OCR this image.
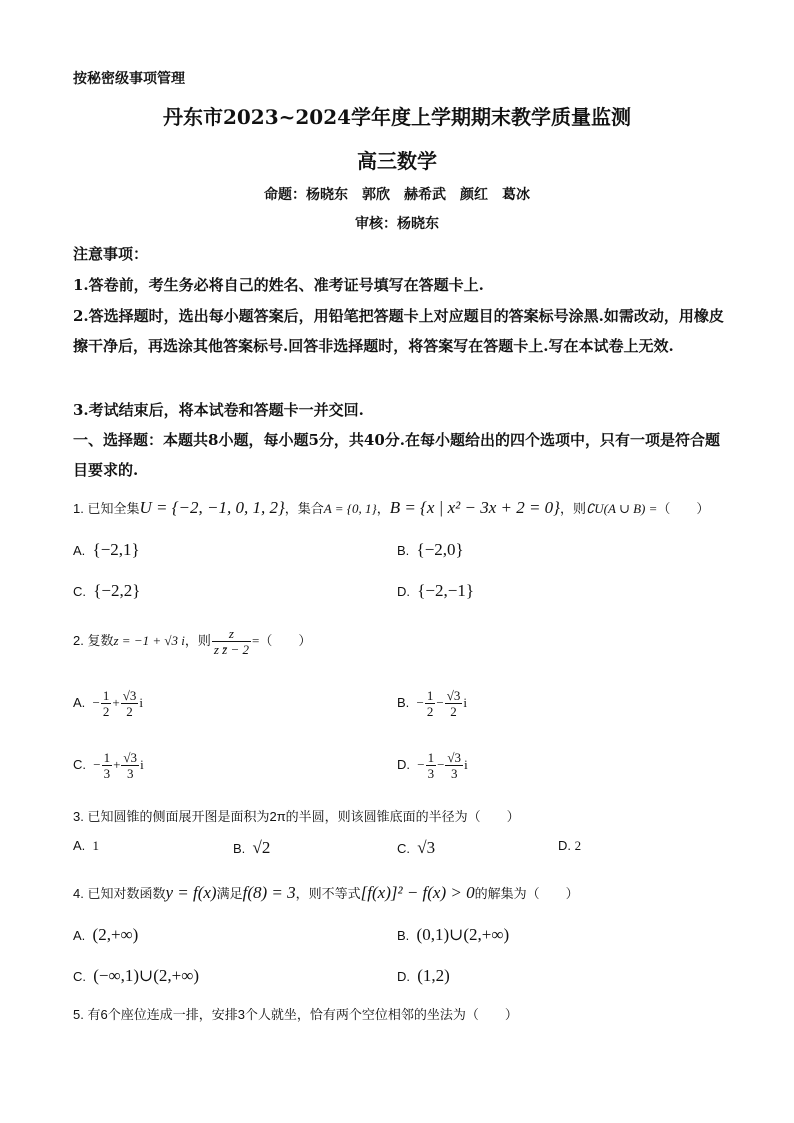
按秘密级事项管理
丹东市2023~2024学年度上学期期末教学质量监测
高三数学
命题：杨晓东　郭欣　赫希武　颜红　葛冰
审核：杨晓东
注意事项：
1.答卷前，考生务必将自己的姓名、准考证号填写在答题卡上.
2.答选择题时，选出每小题答案后，用铅笔把答题卡上对应题目的答案标号涂黑.如需改动，用橡皮擦干净后，再选涂其他答案标号.回答非选择题时，将答案写在答题卡上.写在本试卷上无效.
3.考试结束后，将本试卷和答题卡一并交回.
一、选择题：本题共8小题，每小题5分，共40分.在每小题给出的四个选项中，只有一项是符合题目要求的.
1. 已知全集U = {−2, −1, 0, 1, 2}，集合A = {0, 1}，B = {x | x² − 3x + 2 = 0}，则∁U(A ∪ B) =（　　）
A. {−2,1}	B. {−2,0}
C. {−2,2}	D. {−2,−1}
2. 复数z = −1 + √3 i，则 $\frac{z}{\text{z z̄ − 2}}$ =（　　）
A. − $\frac{1}{2} + \frac{√3}{2}$ i	B. − $\frac{1}{2} - \frac{√3}{2}$ i
C. − $\frac{1}{3} + \frac{√3}{3}$ i	D. − $\frac{1}{3} - \frac{√3}{3}$ i
3. 已知圆锥的侧面展开图是面积为2π的半圆，则该圆锥底面的半径为（　　）
A. 1	B. √2	C. √3	D. 2
4. 已知对数函数y = f(x)满足f(8) = 3，则不等式[f(x)]² − f(x) > 0的解集为（　　）
A. (2,+∞)	B. (0,1)∪(2,+∞)
C. (−∞,1)∪(2,+∞)	D. (1,2)
5. 有6个座位连成一排，安排3个人就坐，恰有两个空位相邻的坐法为（　　）
